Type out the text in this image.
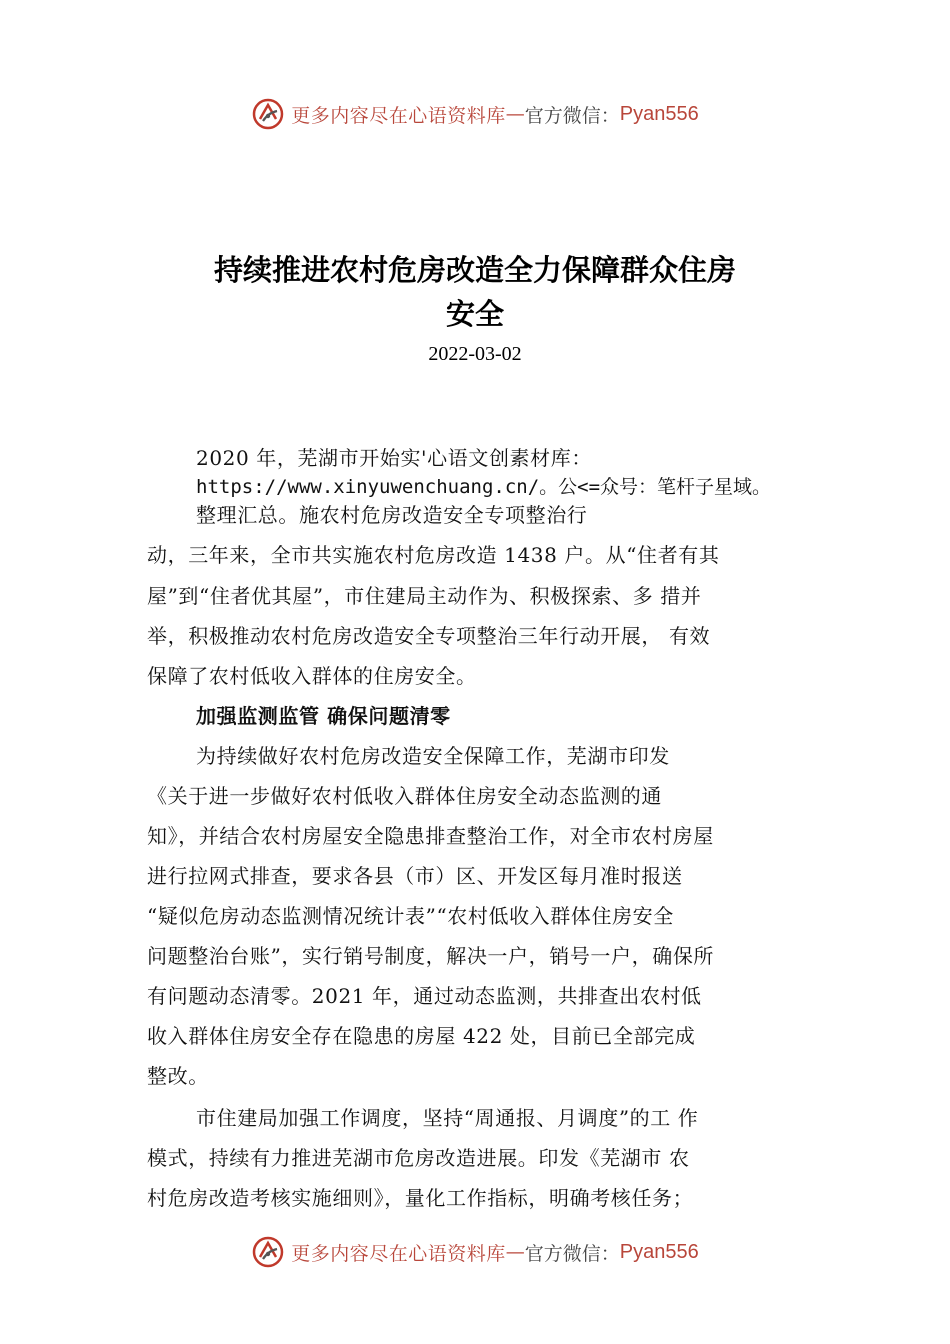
更多内容尽在心语资料库 — 官方微信： Pyan556
持续推进农村危房改造全力保障群众住房
安全
2022-03-02
2020 年，芜湖市开始实'心语文创素材库：
https://www.xinyuwenchuang.cn/。公<=众号：笔杆子星域。
整理汇总。施农村危房改造安全专项整治行
动，三年来，全市共实施农村危房改造 1438 户。从“住者有其
屋”到“住者优其屋”，市住建局主动作为、积极探索、多 措并
举，积极推动农村危房改造安全专项整治三年行动开展， 有效
保障了农村低收入群体的住房安全。
加强监测监管 确保问题清零
为持续做好农村危房改造安全保障工作，芜湖市印发
《关于进一步做好农村低收入群体住房安全动态监测的通
知》，并结合农村房屋安全隐患排查整治工作，对全市农村房屋
进行拉网式排查，要求各县（市）区、开发区每月准时报送
“疑似危房动态监测情况统计表”“农村低收入群体住房安全
问题整治台账”，实行销号制度，解决一户，销号一户，确保所
有问题动态清零。2021 年，通过动态监测，共排查出农村低
收入群体住房安全存在隐患的房屋 422 处，目前已全部完成
整改。
市住建局加强工作调度，坚持“周通报、月调度”的工 作
模式，持续有力推进芜湖市危房改造进展。印发《芜湖市 农
村危房改造考核实施细则》，量化工作指标，明确考核任务；
更多内容尽在心语资料库 — 官方微信： Pyan556
